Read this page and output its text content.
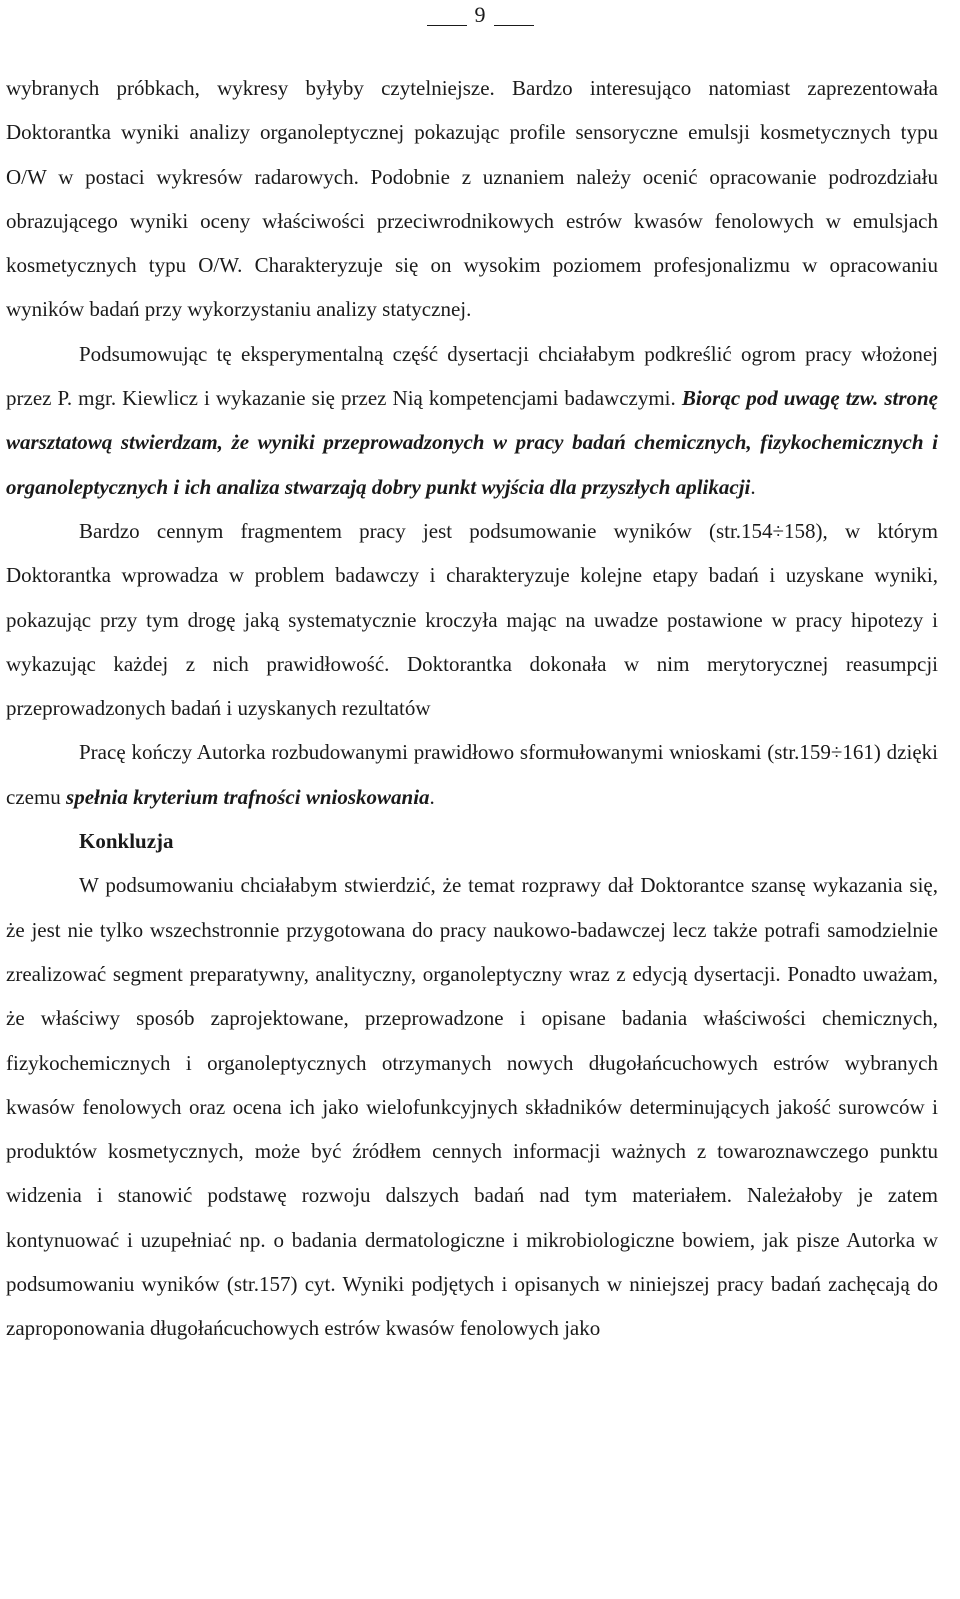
9

wybranych próbkach, wykresy byłyby czytelniejsze. Bardzo interesująco natomiast zaprezentowała Doktorantka wyniki analizy organoleptycznej pokazując profile sensoryczne emulsji kosmetycznych typu O/W w postaci wykresów radarowych. Podobnie z uznaniem należy ocenić opracowanie podrozdziału obrazującego wyniki oceny właściwości przeciwrodnikowych estrów kwasów fenolowych w emulsjach kosmetycznych typu O/W. Charakteryzuje się on wysokim poziomem profesjonalizmu w opracowaniu wyników badań przy wykorzystaniu analizy statycznej.

Podsumowując tę eksperymentalną część dysertacji chciałabym podkreślić ogrom pracy włożonej przez P. mgr. Kiewlicz i wykazanie się przez Nią kompetencjami badawczymi. Biorąc pod uwagę tzw. stronę warsztatową stwierdzam, że wyniki przeprowadzonych w pracy badań chemicznych, fizykochemicznych i organoleptycznych i ich analiza stwarzają dobry punkt wyjścia dla przyszłych aplikacji.

Bardzo cennym fragmentem pracy jest podsumowanie wyników (str.154÷158), w którym Doktorantka wprowadza w problem badawczy i charakteryzuje kolejne etapy badań i uzyskane wyniki, pokazując przy tym drogę jaką systematycznie kroczyła mając na uwadze postawione w pracy hipotezy i wykazując każdej z nich prawidłowość. Doktorantka dokonała w nim merytorycznej reasumpcji przeprowadzonych badań i uzyskanych rezultatów

Pracę kończy Autorka rozbudowanymi prawidłowo sformułowanymi wnioskami (str.159÷161) dzięki czemu spełnia kryterium trafności wnioskowania.

Konkluzja

W podsumowaniu chciałabym stwierdzić, że temat rozprawy dał Doktorantce szansę wykazania się, że jest nie tylko wszechstronnie przygotowana do pracy naukowo-badawczej lecz także potrafi samodzielnie zrealizować segment preparatywny, analityczny, organoleptyczny wraz z edycją dysertacji. Ponadto uważam, że właściwy sposób zaprojektowane, przeprowadzone i opisane badania właściwości chemicznych, fizykochemicznych i organoleptycznych otrzymanych nowych długołańcuchowych estrów wybranych kwasów fenolowych oraz ocena ich jako wielofunkcyjnych składników determinujących jakość surowców i produktów kosmetycznych, może być źródłem cennych informacji ważnych z towaroznawczego punktu widzenia i stanowić podstawę rozwoju dalszych badań nad tym materiałem. Należałoby je zatem kontynuować i uzupełniać np. o badania dermatologiczne i mikrobiologiczne bowiem, jak pisze Autorka w podsumowaniu wyników (str.157) cyt. Wyniki podjętych i opisanych w niniejszej pracy badań zachęcają do zaproponowania długołańcuchowych estrów kwasów fenolowych jako
